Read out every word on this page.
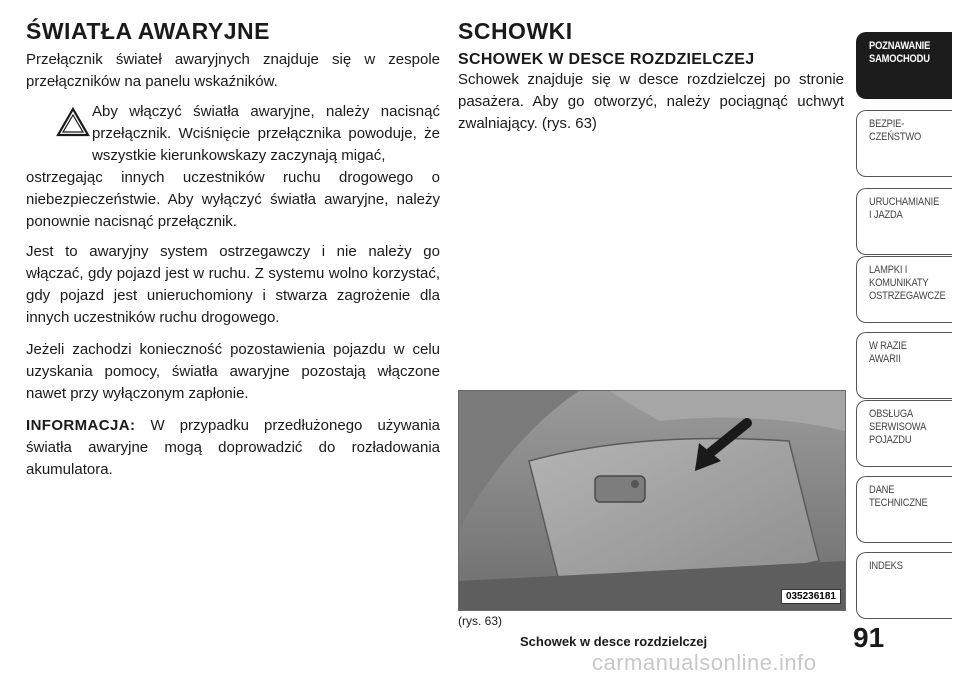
ŚWIATŁA AWARYJNE

Przełącznik świateł awaryjnych znajduje się w zespole przełączników na panelu wskaźników.

Aby włączyć światła awaryjne, należy nacisnąć przełącznik. Wciśnięcie przełącznika powoduje, że wszystkie kierunkowskazy zaczynają migać,

ostrzegając innych uczestników ruchu drogowego o niebezpieczeństwie. Aby wyłączyć światła awaryjne, należy ponownie nacisnąć przełącznik.

Jest to awaryjny system ostrzegawczy i nie należy go włączać, gdy pojazd jest w ruchu. Z systemu wolno korzystać, gdy pojazd jest unieruchomiony i stwarza zagrożenie dla innych uczestników ruchu drogowego.

Jeżeli zachodzi konieczność pozostawienia pojazdu w celu uzyskania pomocy, światła awaryjne pozostają włączone nawet przy wyłączonym zapłonie.

INFORMACJA: W przypadku przedłużonego używania światła awaryjne mogą doprowadzić do rozładowania akumulatora.

SCHOWKI
SCHOWEK W DESCE ROZDZIELCZEJ

Schowek znajduje się w desce rozdzielczej po stronie pasażera. Aby go otworzyć, należy pociągnąć uchwyt zwalniający. (rys. 63)

035236181
(rys. 63)
Schowek w desce rozdzielczej	91
carmanualsonline.info
POZNAWANIE
SAMOCHODU
BEZPIE-
CZEŃSTWO
URUCHAMIANIE
I JAZDA
LAMPKI I
KOMUNIKATY
OSTRZEGAWCZE
W RAZIE
AWARII
OBSŁUGA
SERWISOWA
POJAZDU
DANE
TECHNICZNE
INDEKS
